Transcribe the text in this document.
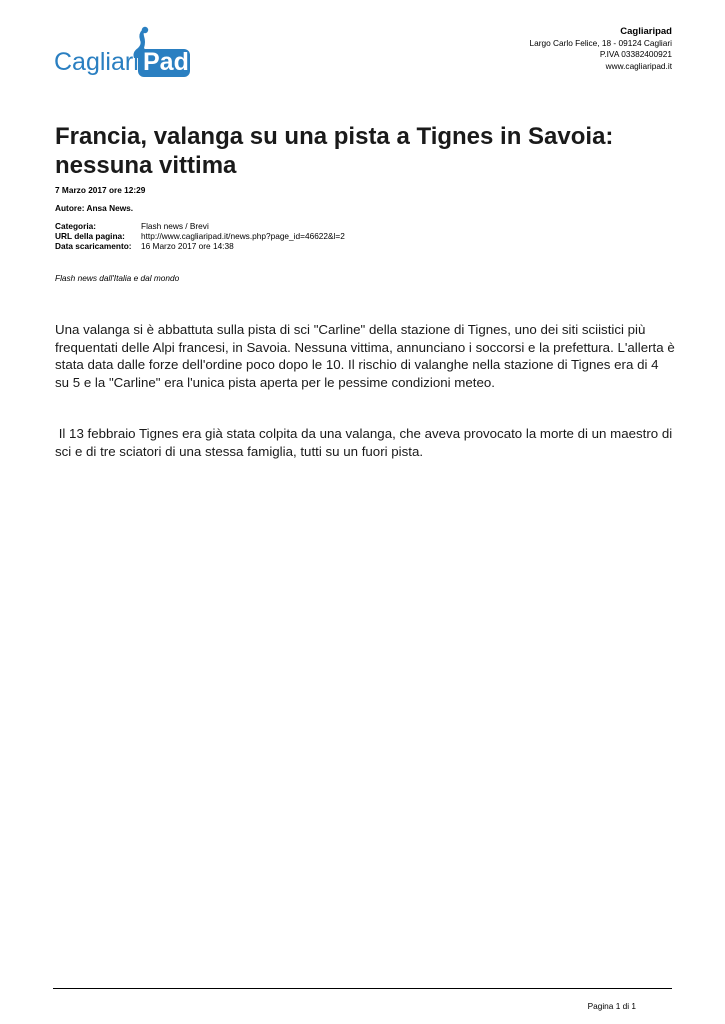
Cagliari Pad
Cagliaripad
Largo Carlo Felice, 18 - 09124 Cagliari
P.IVA 03382400921
www.cagliaripad.it
Francia, valanga su una pista a Tignes in Savoia: nessuna vittima
7 Marzo 2017 ore 12:29
Autore: Ansa News.
Categoria:	Flash news / Brevi
URL della pagina:	http://www.cagliaripad.it/news.php?page_id=46622&l=2
Data scaricamento:	16 Marzo 2017 ore 14:38
Flash news dall'Italia e dal mondo

Una valanga si è abbattuta sulla pista di sci "Carline" della stazione di Tignes, uno dei siti sciistici più frequentati delle Alpi francesi, in Savoia. Nessuna vittima, annunciano i soccorsi e la prefettura. L'allerta è stata data dalle forze dell'ordine poco dopo le 10. Il rischio di valanghe nella stazione di Tignes era di 4 su 5 e la "Carline" era l'unica pista aperta per le pessime condizioni meteo.

Il 13 febbraio Tignes era già stata colpita da una valanga, che aveva provocato la morte di un maestro di sci e di tre sciatori di una stessa famiglia, tutti su un fuori pista.

Pagina 1 di 1
